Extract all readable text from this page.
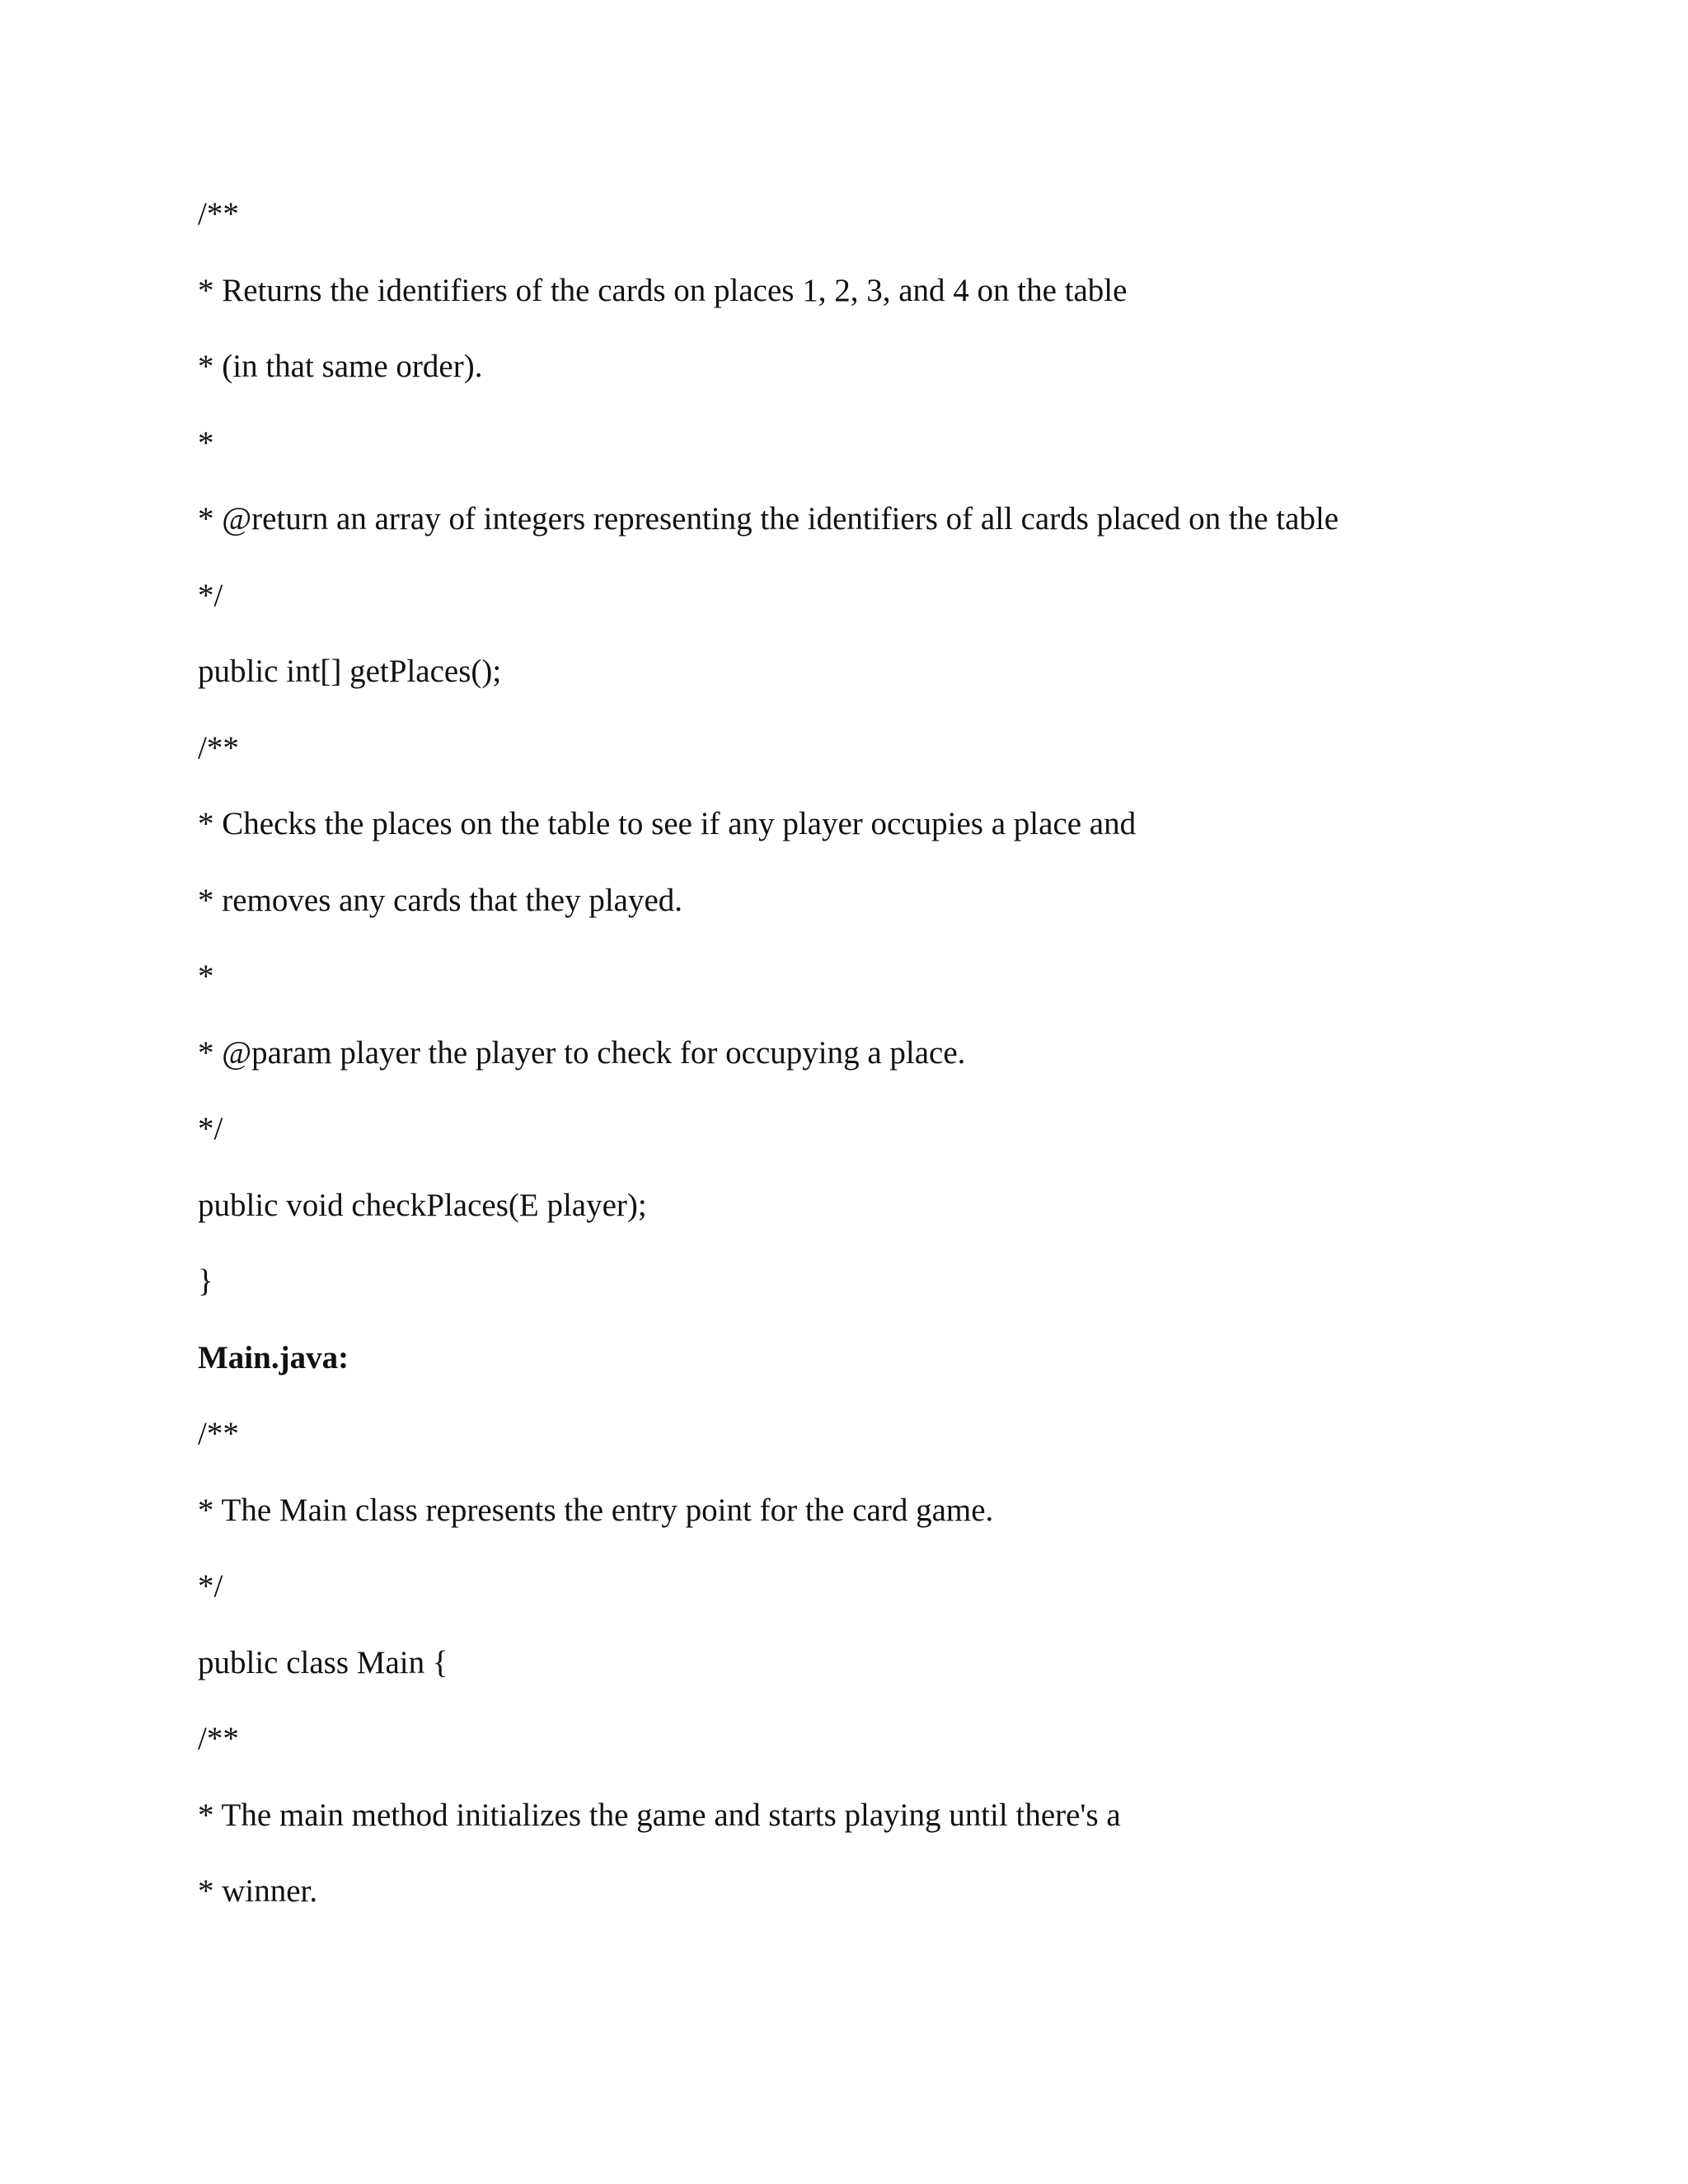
/**

* Returns the identifiers of the cards on places 1, 2, 3, and 4 on the table

* (in that same order).

*

* @return an array of integers representing the identifiers of all cards placed on the table

*/

public int[] getPlaces();

/**

* Checks the places on the table to see if any player occupies a place and

* removes any cards that they played.

*

* @param player the player to check for occupying a place.

*/

public void checkPlaces(E player);

}

Main.java:

/**

* The Main class represents the entry point for the card game.

*/

public class Main {

/**

* The main method initializes the game and starts playing until there's a

* winner.
